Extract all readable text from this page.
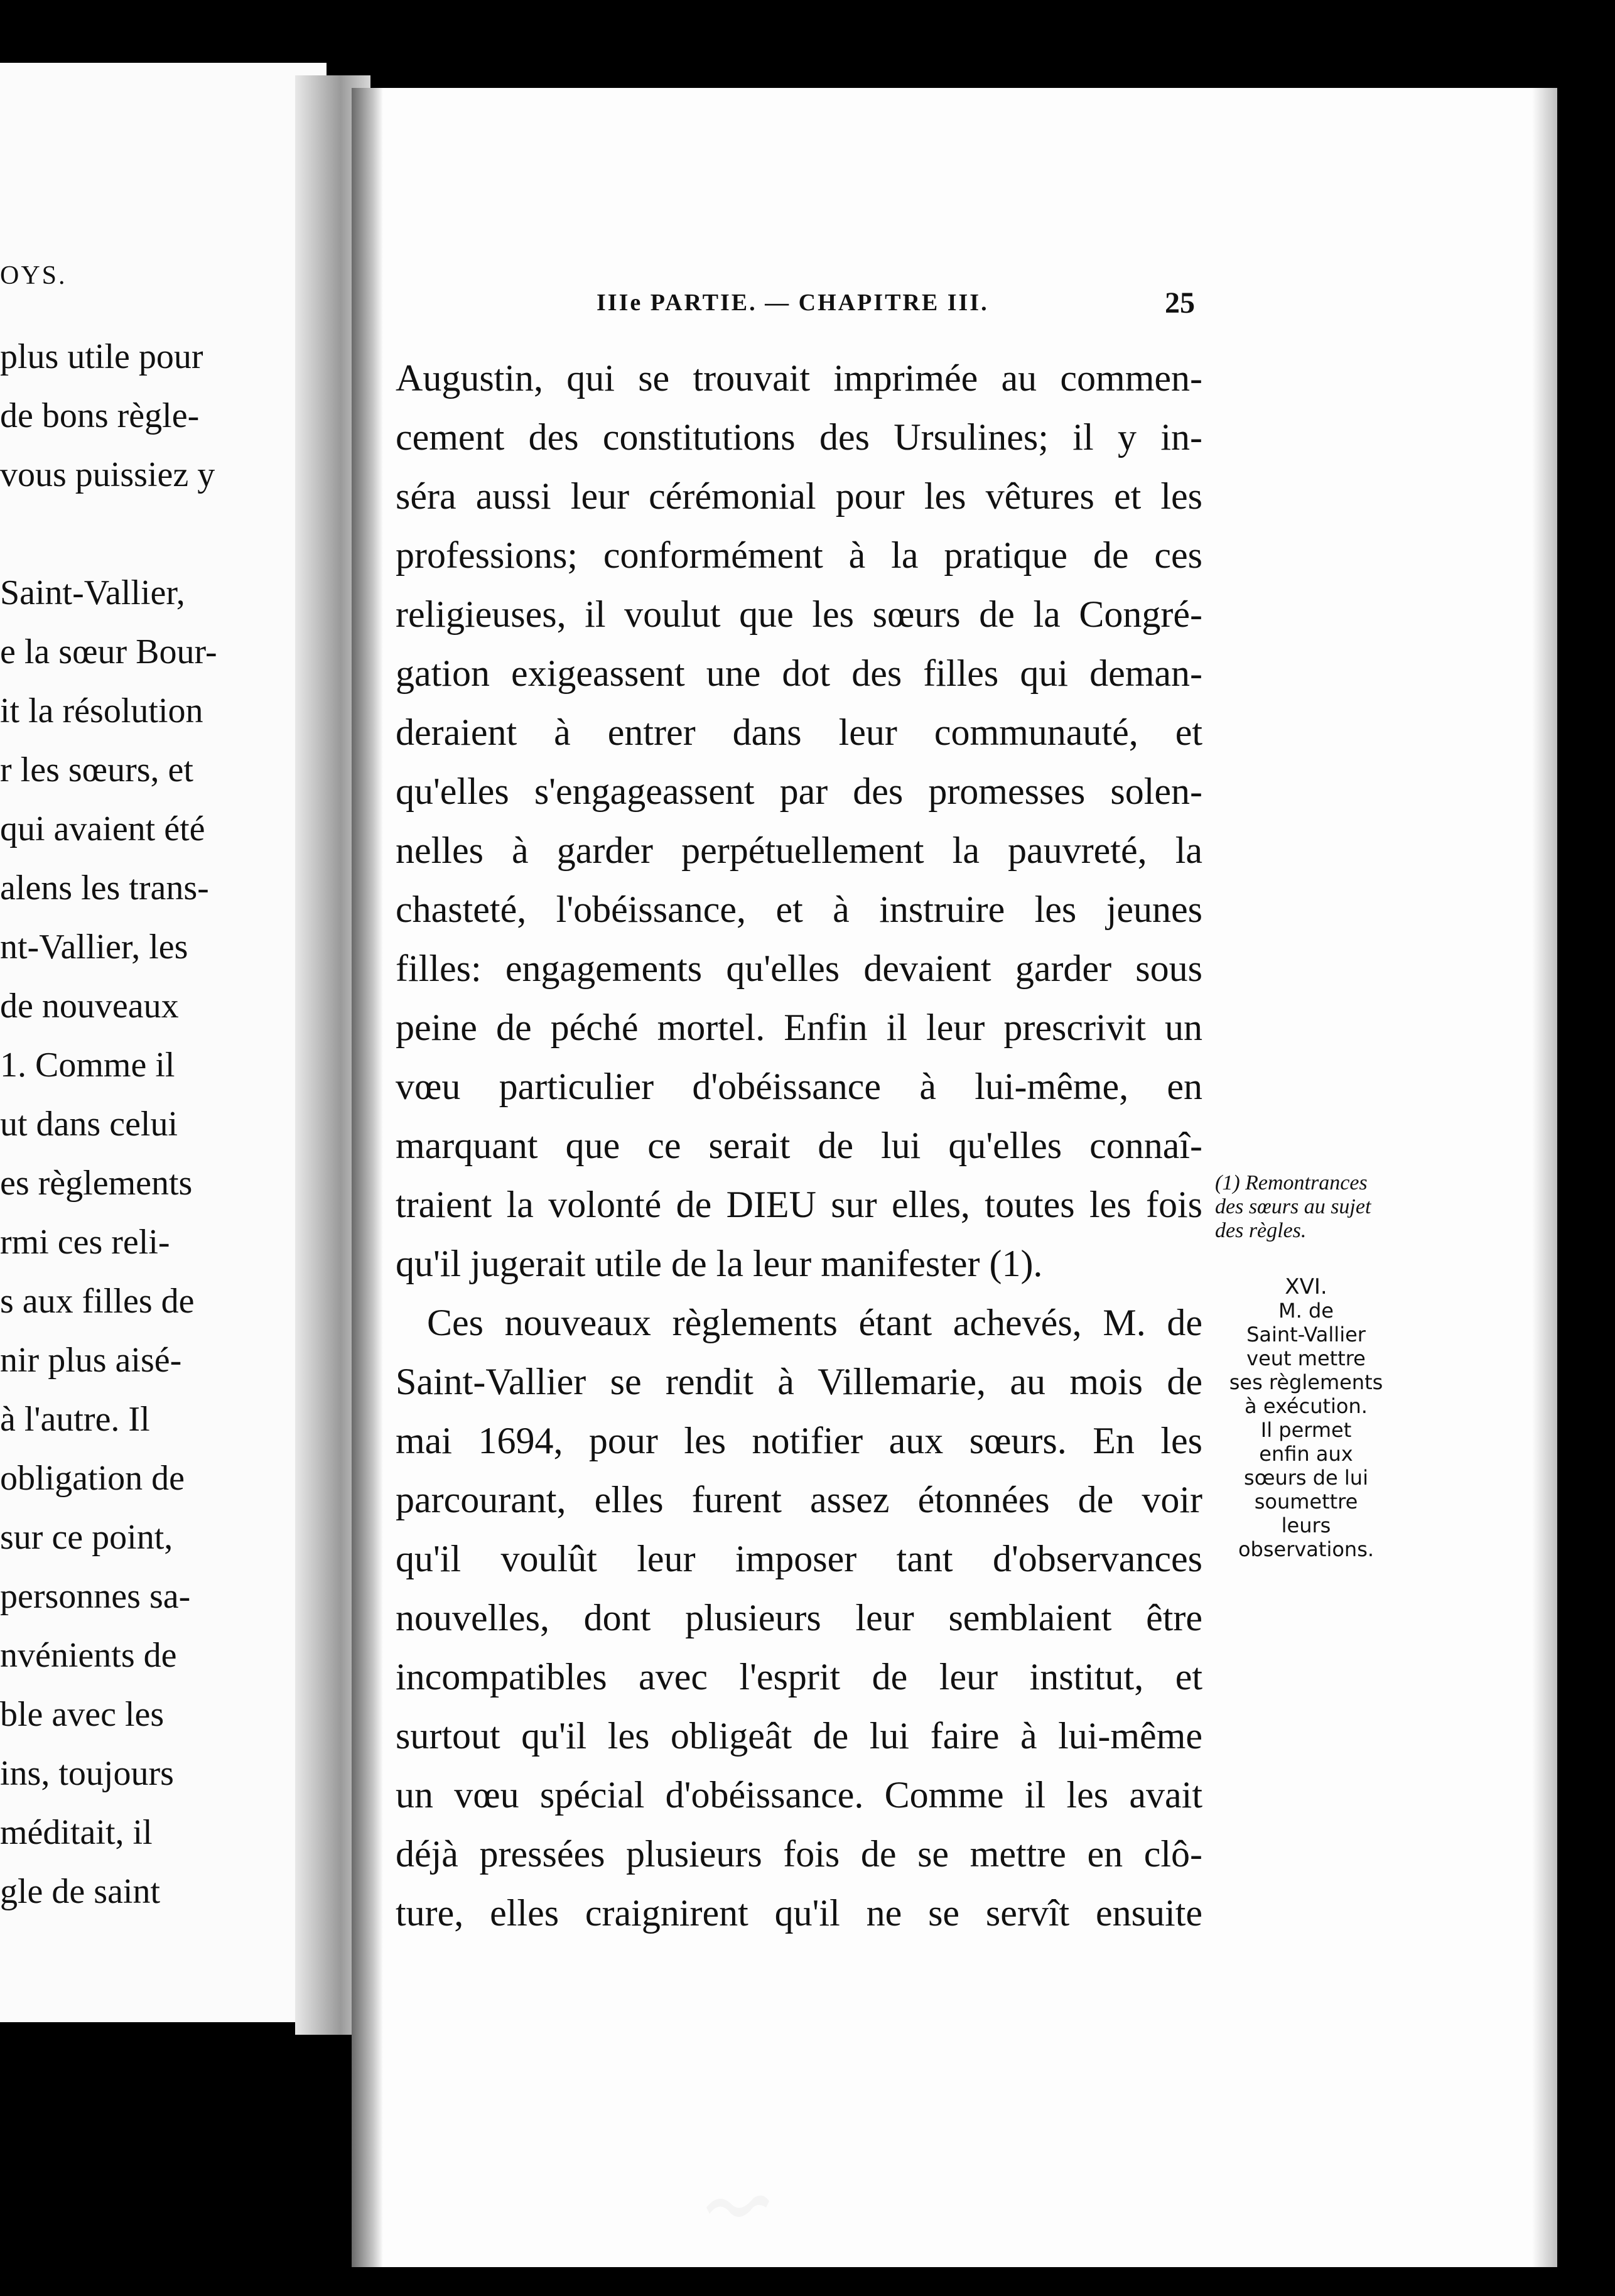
OYS.
plus utile pour
de bons règle-
vous puissiez y
Saint-Vallier,
e la sœur Bour-
it la résolution
r les sœurs, et
qui avaient été
alens les trans-
nt-Vallier, les
de nouveaux
1. Comme il
ut dans celui
es règlements
rmi ces reli-
s aux filles de
nir plus aisé-
à l'autre. Il
obligation de
sur ce point,
personnes sa-
nvénients de
ble avec les
ins, toujours
méditait, il
gle de saint
IIIe PARTIE. — CHAPITRE III.	25
Augustin, qui se trouvait imprimée au commen-
cement des constitutions des Ursulines; il y in-
séra aussi leur cérémonial pour les vêtures et les
professions; conformément à la pratique de ces
religieuses, il voulut que les sœurs de la Congré-
gation exigeassent une dot des filles qui deman-
deraient à entrer dans leur communauté, et
qu'elles s'engageassent par des promesses solen-
nelles à garder perpétuellement la pauvreté, la
chasteté, l'obéissance, et à instruire les jeunes
filles: engagements qu'elles devaient garder sous
peine de péché mortel. Enfin il leur prescrivit un
vœu particulier d'obéissance à lui-même, en
marquant que ce serait de lui qu'elles connaî-
traient la volonté de DIEU sur elles, toutes les fois
qu'il jugerait utile de la leur manifester (1).
Ces nouveaux règlements étant achevés, M. de
Saint-Vallier se rendit à Villemarie, au mois de
mai 1694, pour les notifier aux sœurs. En les
parcourant, elles furent assez étonnées de voir
qu'il voulût leur imposer tant d'observances
nouvelles, dont plusieurs leur semblaient être
incompatibles avec l'esprit de leur institut, et
surtout qu'il les obligeât de lui faire à lui-même
un vœu spécial d'obéissance. Comme il les avait
déjà pressées plusieurs fois de se mettre en clô-
ture, elles craignirent qu'il ne se servît ensuite
(1) Remontrances des sœurs au sujet des règles.
XVI.
M. de
Saint-Vallier
veut mettre
ses règlements
à exécution.
Il permet
enfin aux
sœurs de lui
soumettre
leurs
observations.
